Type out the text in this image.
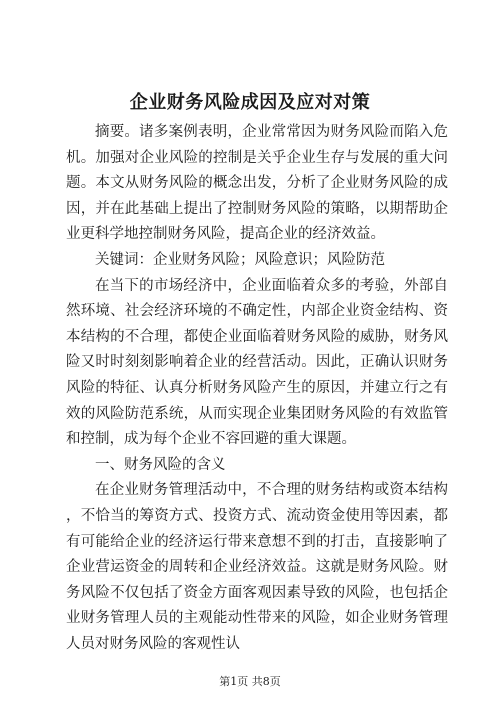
企业财务风险成因及应对对策

摘要。诸多案例表明，企业常常因为财务风险而陷入危机。加强对企业风险的控制是关乎企业生存与发展的重大问题。本文从财务风险的概念出发，分析了企业财务风险的成因，并在此基础上提出了控制财务风险的策略，以期帮助企业更科学地控制财务风险，提高企业的经济效益。

关键词：企业财务风险；风险意识；风险防范

在当下的市场经济中，企业面临着众多的考验，外部自然环境、社会经济环境的不确定性，内部企业资金结构、资本结构的不合理，都使企业面临着财务风险的威胁，财务风险又时时刻刻影响着企业的经营活动。因此，正确认识财务风险的特征、认真分析财务风险产生的原因，并建立行之有效的风险防范系统，从而实现企业集团财务风险的有效监管和控制，成为每个企业不容回避的重大课题。

一、财务风险的含义

在企业财务管理活动中，不合理的财务结构或资本结构，不恰当的筹资方式、投资方式、流动资金使用等因素，都有可能给企业的经济运行带来意想不到的打击，直接影响了企业营运资金的周转和企业经济效益。这就是财务风险。财务风险不仅包括了资金方面客观因素导致的风险，也包括企业财务管理人员的主观能动性带来的风险，如企业财务管理人员对财务风险的客观性认

第1页 共8页
